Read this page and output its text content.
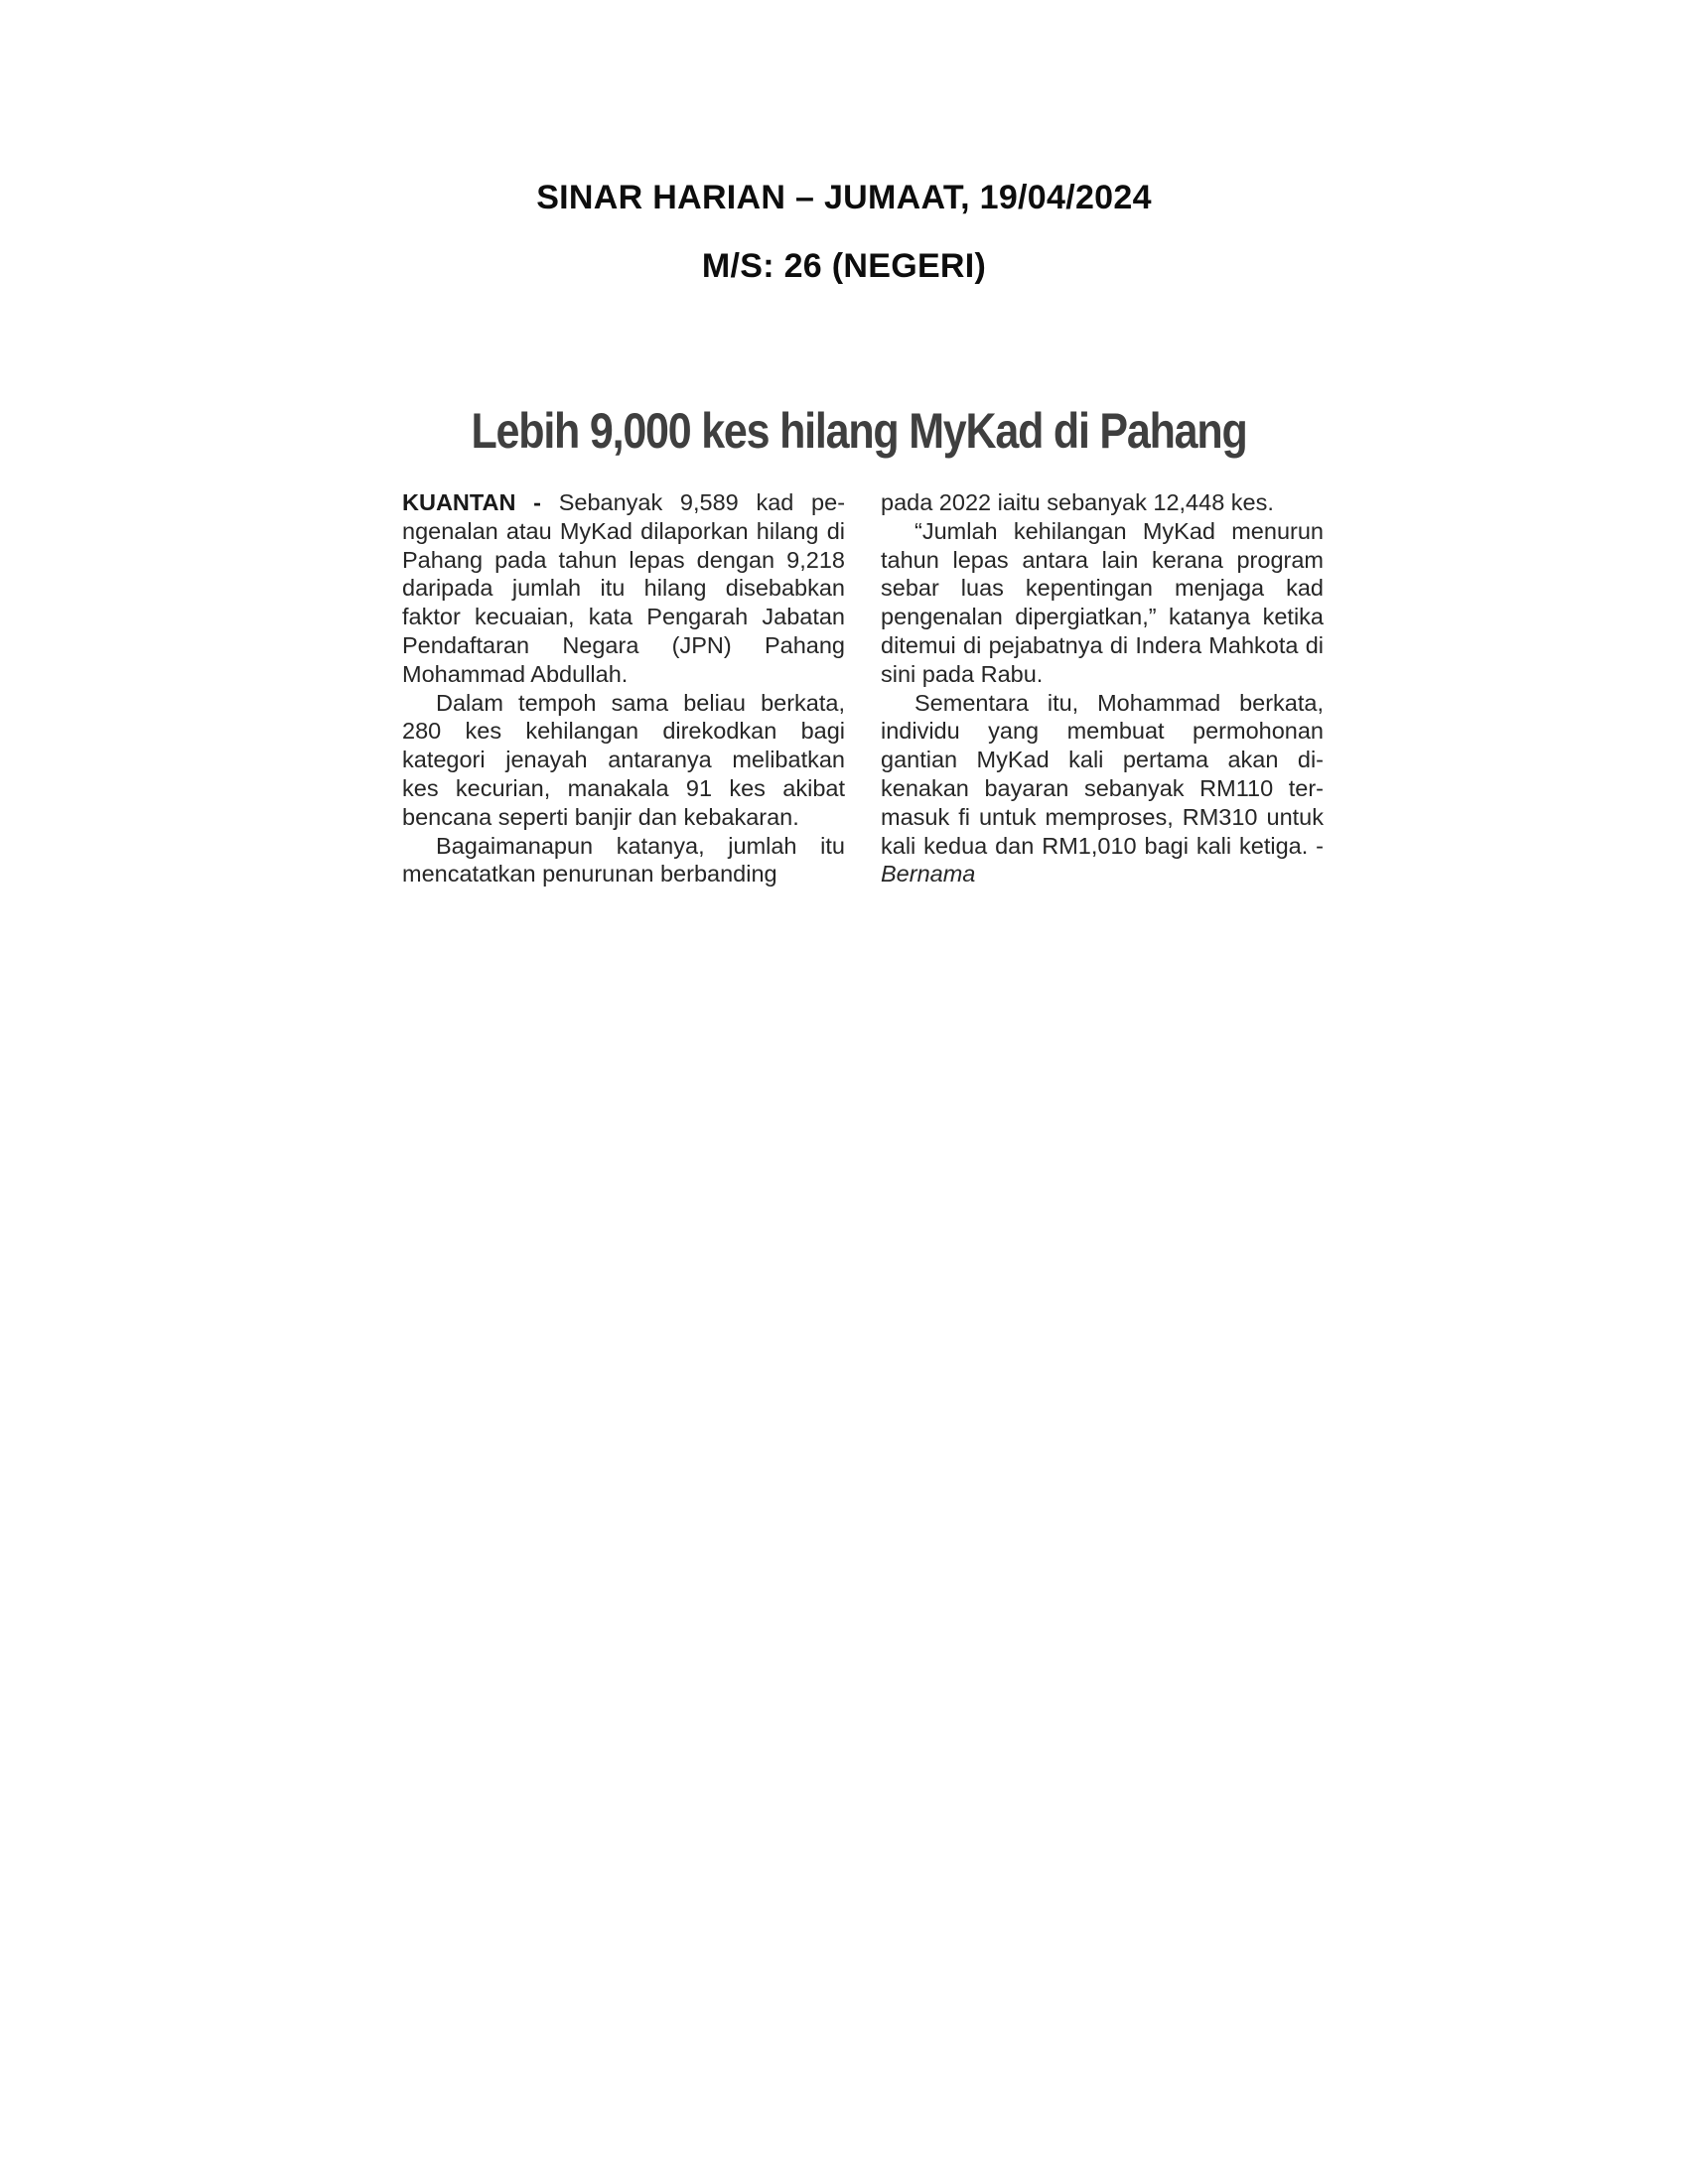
SINAR HARIAN – JUMAAT, 19/04/2024
M/S: 26 (NEGERI)
Lebih 9,000 kes hilang MyKad di Pahang

KUANTAN - Sebanyak 9,589 kad pengenalan atau MyKad dilaporkan hilang di Pahang pada tahun lepas dengan 9,218 daripada jumlah itu hilang disebabkan faktor kecuaian, kata Pengarah Jabatan Pendaftaran Negara (JPN) Pahang Mohammad Abdullah.

Dalam tempoh sama beliau berkata, 280 kes kehilangan direkodkan bagi kategori jenayah antaranya melibatkan kes kecurian, manakala 91 kes akibat bencana seperti banjir dan kebakaran.

Bagaimanapun katanya, jumlah itu mencatatkan penurunan berbanding

pada 2022 iaitu sebanyak 12,448 kes.

“Jumlah kehilangan MyKad menurun tahun lepas antara lain kerana program sebar luas kepentingan menjaga kad pengenalan dipergiatkan,” katanya ketika ditemui di pejabatnya di Indera Mahkota di sini pada Rabu.

Sementara itu, Mohammad berkata, individu yang membuat permohonan gantian MyKad kali pertama akan dikenakan bayaran sebanyak RM110 termasuk fi untuk memproses, RM310 untuk kali kedua dan RM1,010 bagi kali ketiga. - Bernama
